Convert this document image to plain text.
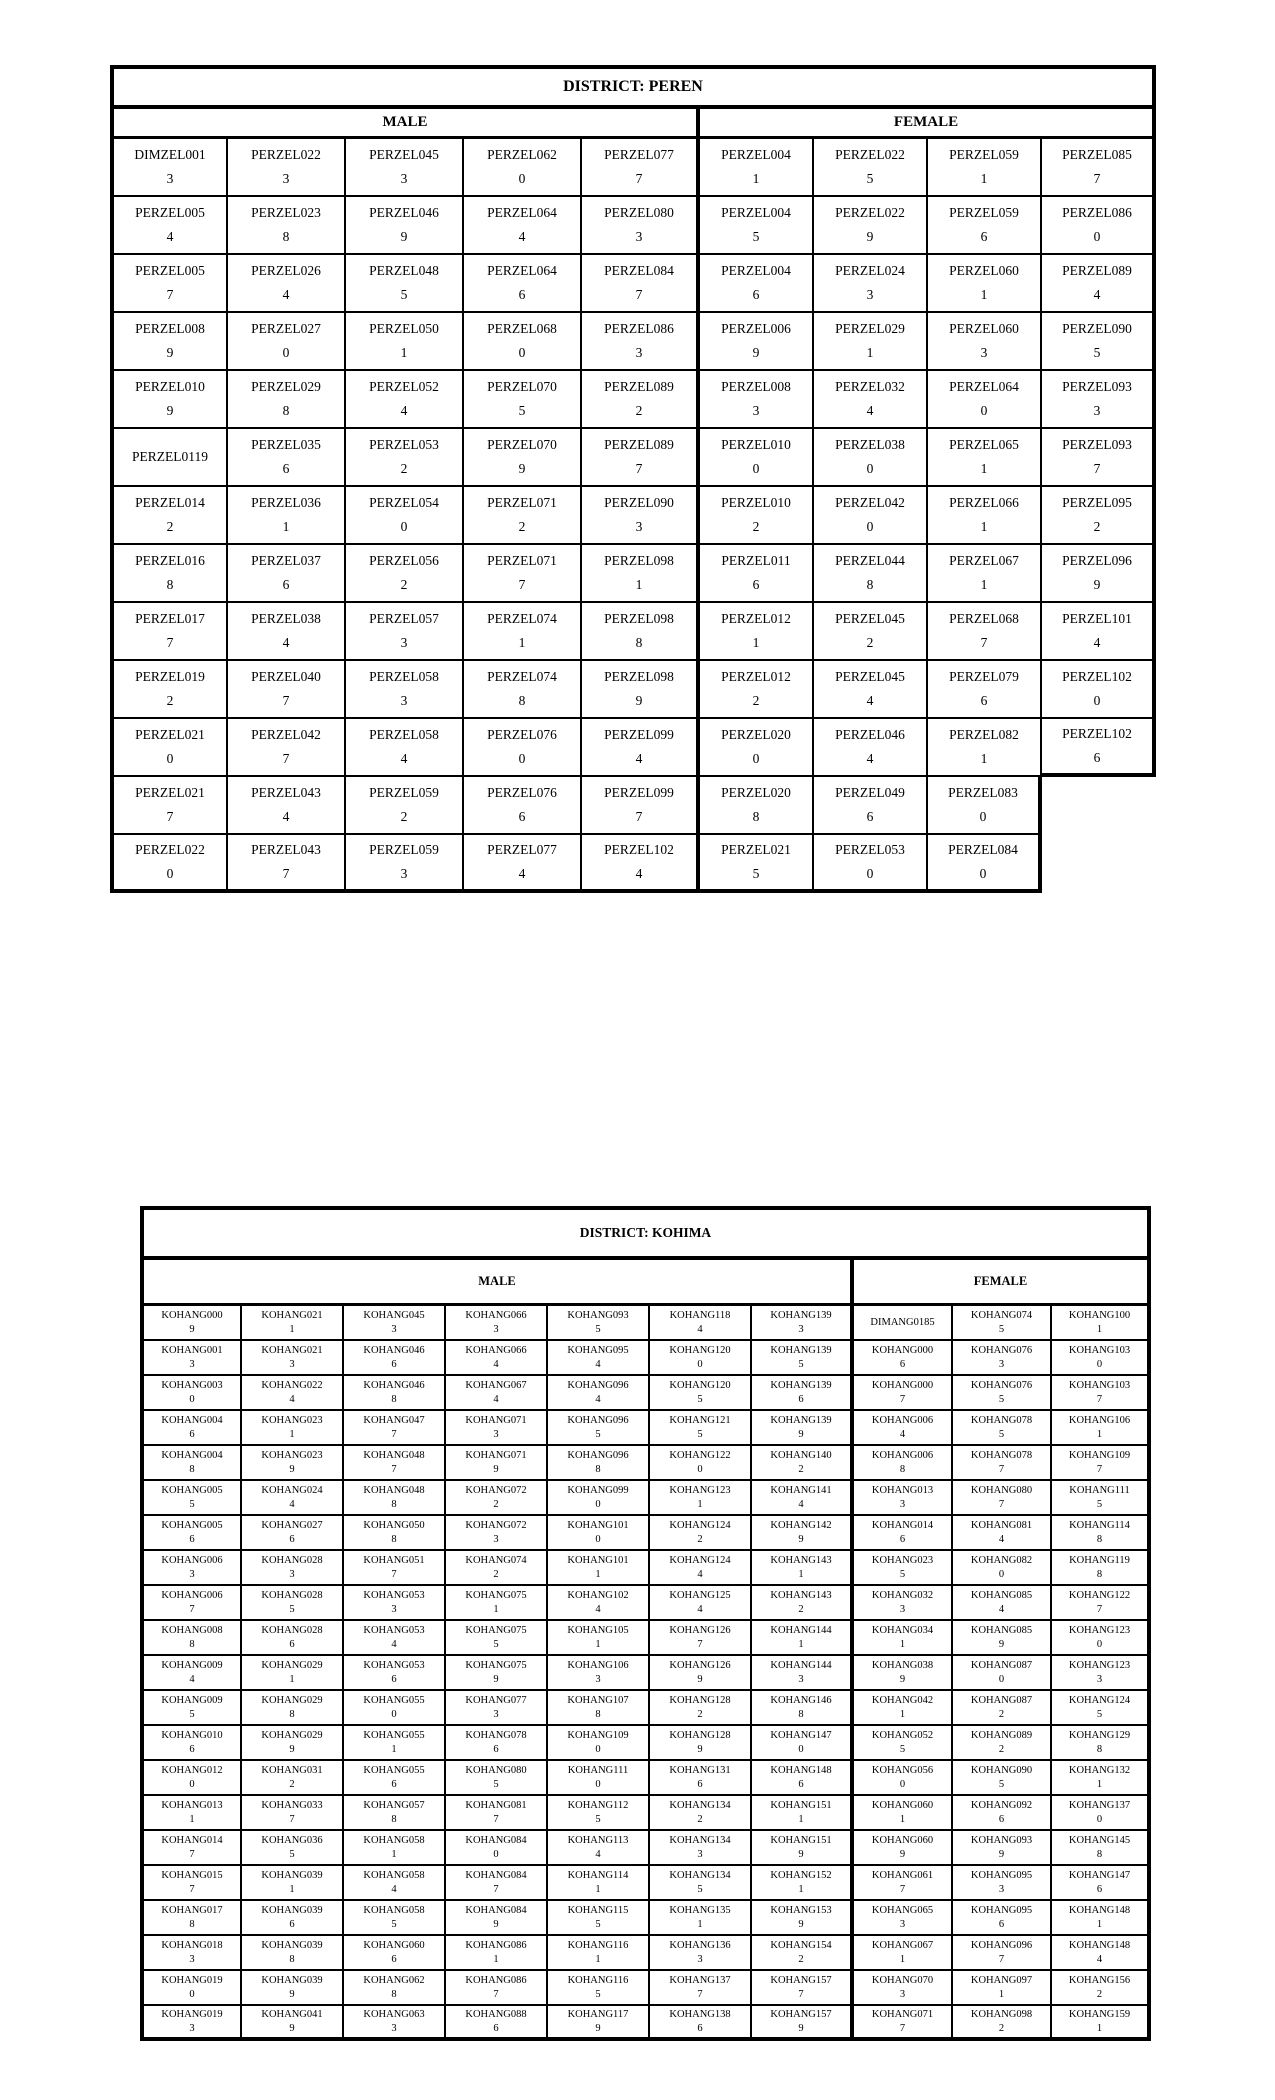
DISTRICT: PEREN
MALE	FEMALE
DIMZEL001
3
PERZEL022
3
PERZEL045
3
PERZEL062
0
PERZEL077
7
PERZEL004
1
PERZEL022
5
PERZEL059
1
PERZEL085
7
PERZEL005
4
PERZEL023
8
PERZEL046
9
PERZEL064
4
PERZEL080
3
PERZEL004
5
PERZEL022
9
PERZEL059
6
PERZEL086
0
PERZEL005
7
PERZEL026
4
PERZEL048
5
PERZEL064
6
PERZEL084
7
PERZEL004
6
PERZEL024
3
PERZEL060
1
PERZEL089
4
PERZEL008
9
PERZEL027
0
PERZEL050
1
PERZEL068
0
PERZEL086
3
PERZEL006
9
PERZEL029
1
PERZEL060
3
PERZEL090
5
PERZEL010
9
PERZEL029
8
PERZEL052
4
PERZEL070
5
PERZEL089
2
PERZEL008
3
PERZEL032
4
PERZEL064
0
PERZEL093
3
PERZEL0119
PERZEL035
6
PERZEL053
2
PERZEL070
9
PERZEL089
7
PERZEL010
0
PERZEL038
0
PERZEL065
1
PERZEL093
7
PERZEL014
2
PERZEL036
1
PERZEL054
0
PERZEL071
2
PERZEL090
3
PERZEL010
2
PERZEL042
0
PERZEL066
1
PERZEL095
2
PERZEL016
8
PERZEL037
6
PERZEL056
2
PERZEL071
7
PERZEL098
1
PERZEL011
6
PERZEL044
8
PERZEL067
1
PERZEL096
9
PERZEL017
7
PERZEL038
4
PERZEL057
3
PERZEL074
1
PERZEL098
8
PERZEL012
1
PERZEL045
2
PERZEL068
7
PERZEL101
4
PERZEL019
2
PERZEL040
7
PERZEL058
3
PERZEL074
8
PERZEL098
9
PERZEL012
2
PERZEL045
4
PERZEL079
6
PERZEL102
0
PERZEL021
0
PERZEL042
7
PERZEL058
4
PERZEL076
0
PERZEL099
4
PERZEL020
0
PERZEL046
4
PERZEL082
1
PERZEL102
6
PERZEL021
7
PERZEL043
4
PERZEL059
2
PERZEL076
6
PERZEL099
7
PERZEL020
8
PERZEL049
6
PERZEL083
0
PERZEL022
0
PERZEL043
7
PERZEL059
3
PERZEL077
4
PERZEL102
4
PERZEL021
5
PERZEL053
0
PERZEL084
0
DISTRICT: KOHIMA
MALE	FEMALE
KOHANG000
9
KOHANG021
1
KOHANG045
3
KOHANG066
3
KOHANG093
5
KOHANG118
4
KOHANG139
3
DIMANG0185
KOHANG074
5
KOHANG100
1
KOHANG001
3
KOHANG021
3
KOHANG046
6
KOHANG066
4
KOHANG095
4
KOHANG120
0
KOHANG139
5
KOHANG000
6
KOHANG076
3
KOHANG103
0
KOHANG003
0
KOHANG022
4
KOHANG046
8
KOHANG067
4
KOHANG096
4
KOHANG120
5
KOHANG139
6
KOHANG000
7
KOHANG076
5
KOHANG103
7
KOHANG004
6
KOHANG023
1
KOHANG047
7
KOHANG071
3
KOHANG096
5
KOHANG121
5
KOHANG139
9
KOHANG006
4
KOHANG078
5
KOHANG106
1
KOHANG004
8
KOHANG023
9
KOHANG048
7
KOHANG071
9
KOHANG096
8
KOHANG122
0
KOHANG140
2
KOHANG006
8
KOHANG078
7
KOHANG109
7
KOHANG005
5
KOHANG024
4
KOHANG048
8
KOHANG072
2
KOHANG099
0
KOHANG123
1
KOHANG141
4
KOHANG013
3
KOHANG080
7
KOHANG111
5
KOHANG005
6
KOHANG027
6
KOHANG050
8
KOHANG072
3
KOHANG101
0
KOHANG124
2
KOHANG142
9
KOHANG014
6
KOHANG081
4
KOHANG114
8
KOHANG006
3
KOHANG028
3
KOHANG051
7
KOHANG074
2
KOHANG101
1
KOHANG124
4
KOHANG143
1
KOHANG023
5
KOHANG082
0
KOHANG119
8
KOHANG006
7
KOHANG028
5
KOHANG053
3
KOHANG075
1
KOHANG102
4
KOHANG125
4
KOHANG143
2
KOHANG032
3
KOHANG085
4
KOHANG122
7
KOHANG008
8
KOHANG028
6
KOHANG053
4
KOHANG075
5
KOHANG105
1
KOHANG126
7
KOHANG144
1
KOHANG034
1
KOHANG085
9
KOHANG123
0
KOHANG009
4
KOHANG029
1
KOHANG053
6
KOHANG075
9
KOHANG106
3
KOHANG126
9
KOHANG144
3
KOHANG038
9
KOHANG087
0
KOHANG123
3
KOHANG009
5
KOHANG029
8
KOHANG055
0
KOHANG077
3
KOHANG107
8
KOHANG128
2
KOHANG146
8
KOHANG042
1
KOHANG087
2
KOHANG124
5
KOHANG010
6
KOHANG029
9
KOHANG055
1
KOHANG078
6
KOHANG109
0
KOHANG128
9
KOHANG147
0
KOHANG052
5
KOHANG089
2
KOHANG129
8
KOHANG012
0
KOHANG031
2
KOHANG055
6
KOHANG080
5
KOHANG111
0
KOHANG131
6
KOHANG148
6
KOHANG056
0
KOHANG090
5
KOHANG132
1
KOHANG013
1
KOHANG033
7
KOHANG057
8
KOHANG081
7
KOHANG112
5
KOHANG134
2
KOHANG151
1
KOHANG060
1
KOHANG092
6
KOHANG137
0
KOHANG014
7
KOHANG036
5
KOHANG058
1
KOHANG084
0
KOHANG113
4
KOHANG134
3
KOHANG151
9
KOHANG060
9
KOHANG093
9
KOHANG145
8
KOHANG015
7
KOHANG039
1
KOHANG058
4
KOHANG084
7
KOHANG114
1
KOHANG134
5
KOHANG152
1
KOHANG061
7
KOHANG095
3
KOHANG147
6
KOHANG017
8
KOHANG039
6
KOHANG058
5
KOHANG084
9
KOHANG115
5
KOHANG135
1
KOHANG153
9
KOHANG065
3
KOHANG095
6
KOHANG148
1
KOHANG018
3
KOHANG039
8
KOHANG060
6
KOHANG086
1
KOHANG116
1
KOHANG136
3
KOHANG154
2
KOHANG067
1
KOHANG096
7
KOHANG148
4
KOHANG019
0
KOHANG039
9
KOHANG062
8
KOHANG086
7
KOHANG116
5
KOHANG137
7
KOHANG157
7
KOHANG070
3
KOHANG097
1
KOHANG156
2
KOHANG019
3
KOHANG041
9
KOHANG063
3
KOHANG088
6
KOHANG117
9
KOHANG138
6
KOHANG157
9
KOHANG071
7
KOHANG098
2
KOHANG159
1
